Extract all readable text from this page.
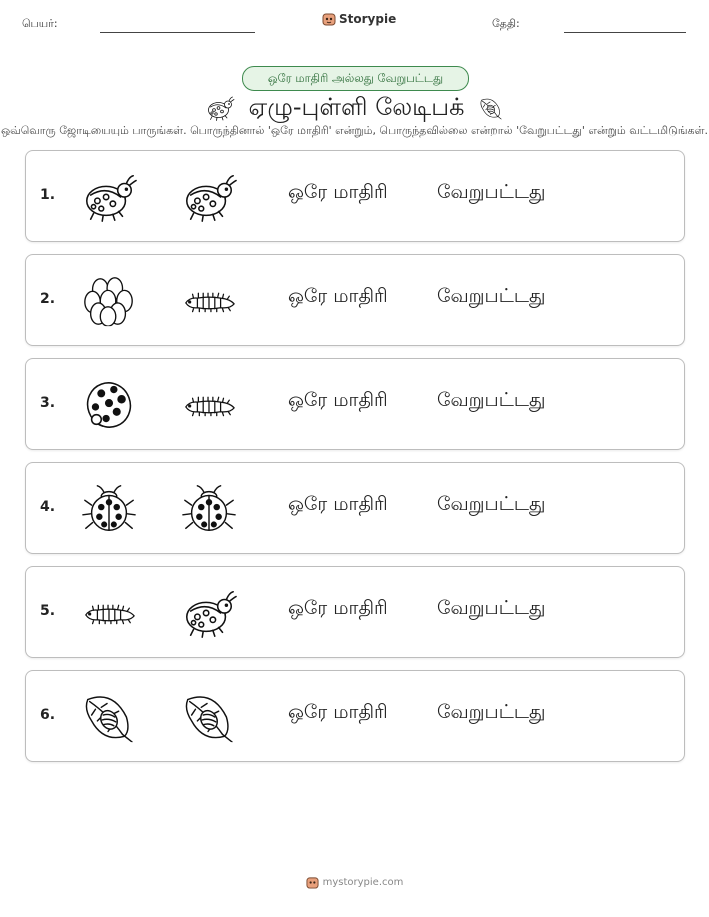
பெயர்:	Storypie	தேதி:
ஒரே மாதிரி அல்லது வேறுபட்டது
ஏழு-புள்ளி லேடிபக்
ஒவ்வொரு ஜோடியையும் பாருங்கள். பொருந்தினால் 'ஒரே மாதிரி' என்றும், பொருந்தவில்லை என்றால் 'வேறுபட்டது' என்றும் வட்டமிடுங்கள்.
1.	ஒரே மாதிரி	வேறுபட்டது
2.	ஒரே மாதிரி	வேறுபட்டது
3.	ஒரே மாதிரி	வேறுபட்டது
4.	ஒரே மாதிரி	வேறுபட்டது
5.	ஒரே மாதிரி	வேறுபட்டது
6.	ஒரே மாதிரி	வேறுபட்டது
mystorypie.com
